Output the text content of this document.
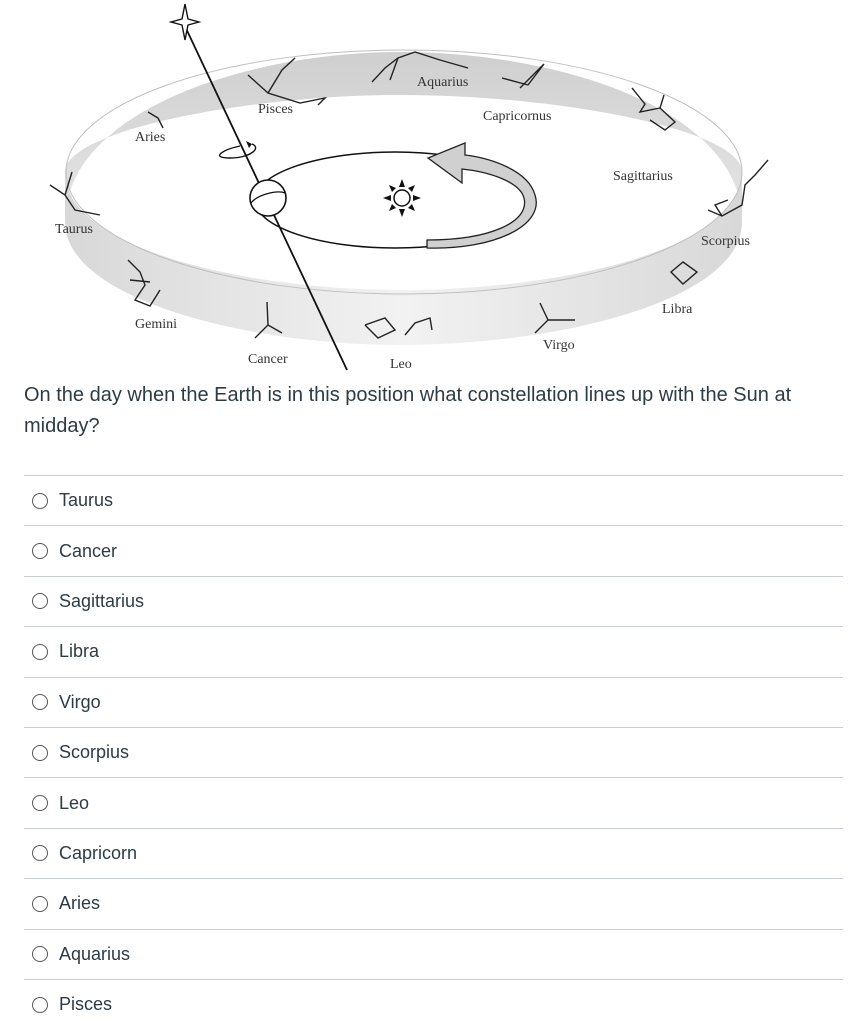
Pisces
Aquarius
Capricornus
Aries
Sagittarius
Taurus
Scorpius
Libra
Gemini
Cancer	Leo
Virgo
On the day when the Earth is in this position what constellation lines up with the Sun at midday?
Taurus
Cancer
Sagittarius
Libra
Virgo
Scorpius
Leo
Capricorn
Aries
Aquarius
Pisces
